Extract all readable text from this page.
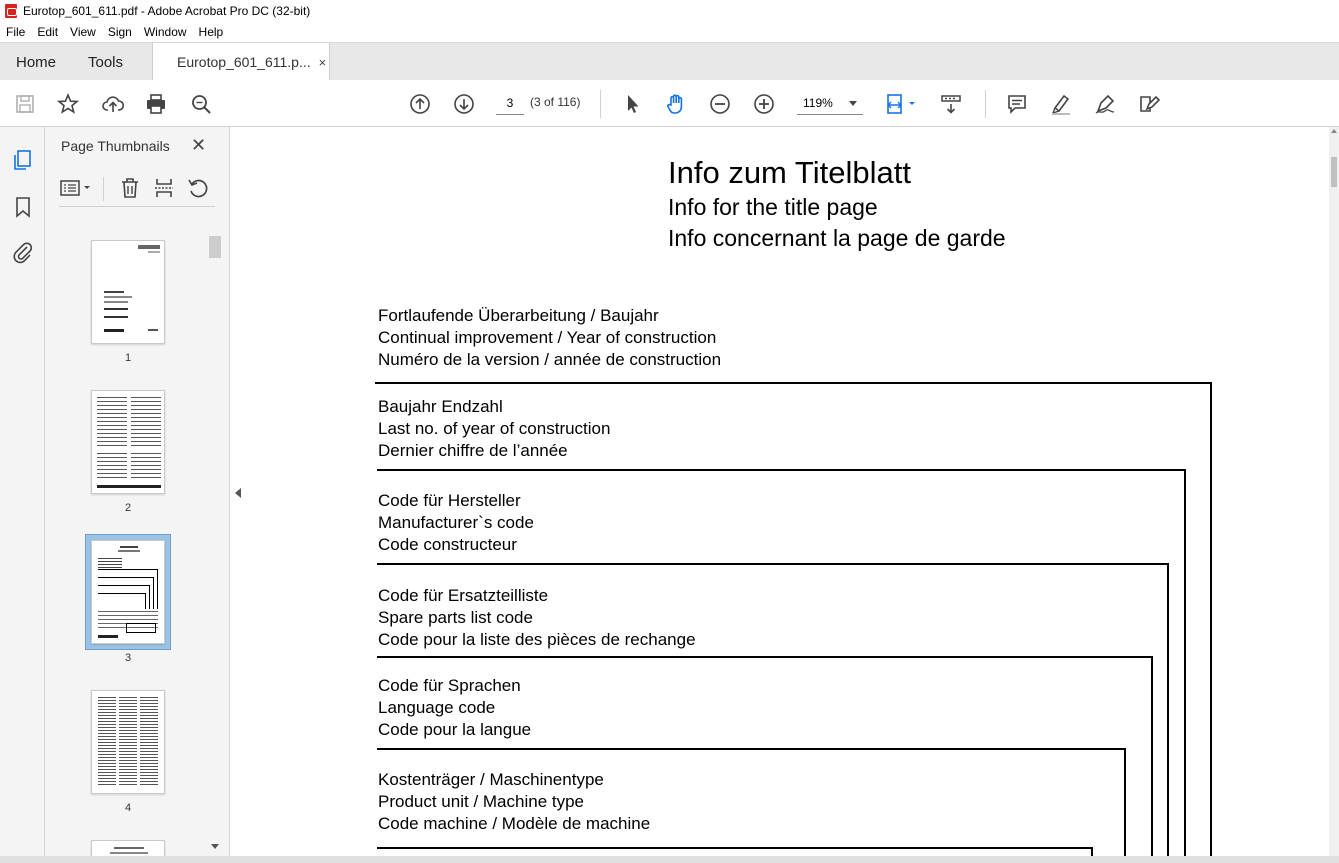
Eurotop_601_611.pdf - Adobe Acrobat Pro DC (32-bit)
File	Edit	View	Sign	Window	Help
Home Tools	Eurotop_601_611.p... ×
3	(3 of 116)	119%
Page Thumbnails ✕
1
2
3
4
Info zum Titelblatt
Info for the title page
Info concernant la page de garde
Fortlaufende Überarbeitung / Baujahr
Continual improvement / Year of construction
Numéro de la version / année de construction
Baujahr Endzahl
Last no. of year of construction
Dernier chiffre de l’année
Code für Hersteller
Manufacturer`s code
Code constructeur
Code für Ersatzteilliste
Spare parts list code
Code pour la liste des pièces de rechange
Code für Sprachen
Language code
Code pour la langue
Kostenträger / Maschinentype
Product unit / Machine type
Code machine / Modèle de machine
